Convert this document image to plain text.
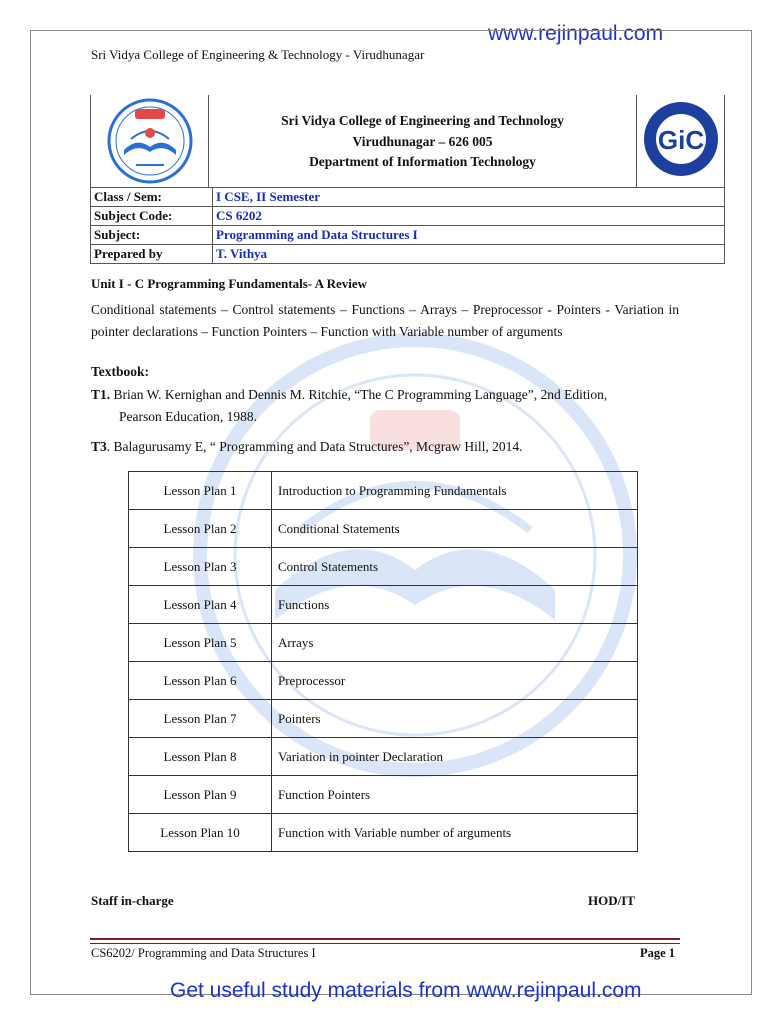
www.rejinpaul.com
Sri Vidya College of Engineering & Technology - Virudhunagar
Sri Vidya College of Engineering and Technology
Virudhunagar – 626 005
Department of Information Technology
GiC
Class / Sem:	I CSE, II Semester
Subject Code:	CS 6202
Subject:	Programming and Data Structures I
Prepared by	T. Vithya
Unit I - C Programming Fundamentals- A Review
Conditional statements – Control statements – Functions – Arrays – Preprocessor - Pointers - Variation in pointer declarations – Function Pointers – Function with Variable number of arguments
Textbook:
T1. Brian W. Kernighan and Dennis M. Ritchie, “The C Programming Language”, 2nd Edition,
Pearson Education, 1988.
T3. Balagurusamy E, “ Programming and Data Structures”, Mcgraw Hill, 2014.
Lesson Plan 1	Introduction to Programming Fundamentals
Lesson Plan 2	Conditional Statements
Lesson Plan 3	Control Statements
Lesson Plan 4	Functions
Lesson Plan 5	Arrays
Lesson Plan 6	Preprocessor
Lesson Plan 7	Pointers
Lesson Plan 8	Variation in pointer Declaration
Lesson Plan 9	Function Pointers
Lesson Plan 10	Function with Variable number of arguments
Staff in-charge	HOD/IT
CS6202/ Programming and Data Structures I	Page 1
Get useful study materials from www.rejinpaul.com
